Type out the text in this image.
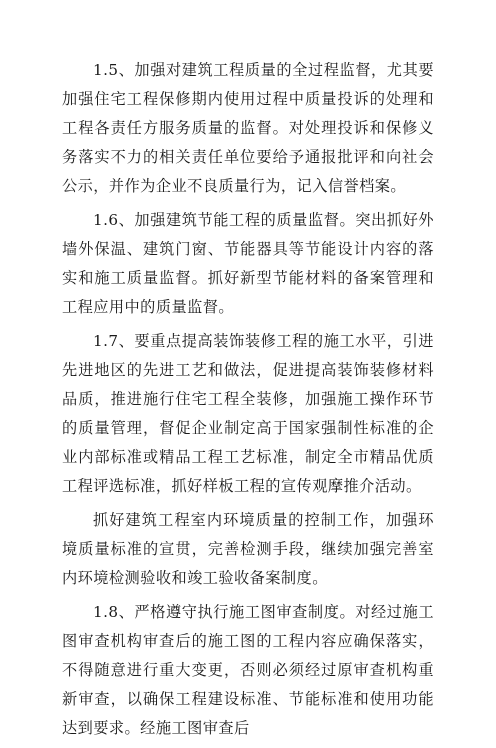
1.5、加强对建筑工程质量的全过程监督，尤其要加强住宅工程保修期内使用过程中质量投诉的处理和工程各责任方服务质量的监督。对处理投诉和保修义务落实不力的相关责任单位要给予通报批评和向社会公示，并作为企业不良质量行为，记入信誉档案。

1.6、加强建筑节能工程的质量监督。突出抓好外墙外保温、建筑门窗、节能器具等节能设计内容的落实和施工质量监督。抓好新型节能材料的备案管理和工程应用中的质量监督。

1.7、要重点提高装饰装修工程的施工水平，引进先进地区的先进工艺和做法，促进提高装饰装修材料品质，推进施行住宅工程全装修，加强施工操作环节的质量管理，督促企业制定高于国家强制性标准的企业内部标准或精品工程工艺标准，制定全市精品优质工程评选标准，抓好样板工程的宣传观摩推介活动。

抓好建筑工程室内环境质量的控制工作，加强环境质量标准的宣贯，完善检测手段，继续加强完善室内环境检测验收和竣工验收备案制度。

1.8、严格遵守执行施工图审查制度。对经过施工图审查机构审查后的施工图的工程内容应确保落实，不得随意进行重大变更，否则必须经过原审查机构重新审查，以确保工程建设标准、节能标准和使用功能达到要求。经施工图审查后
